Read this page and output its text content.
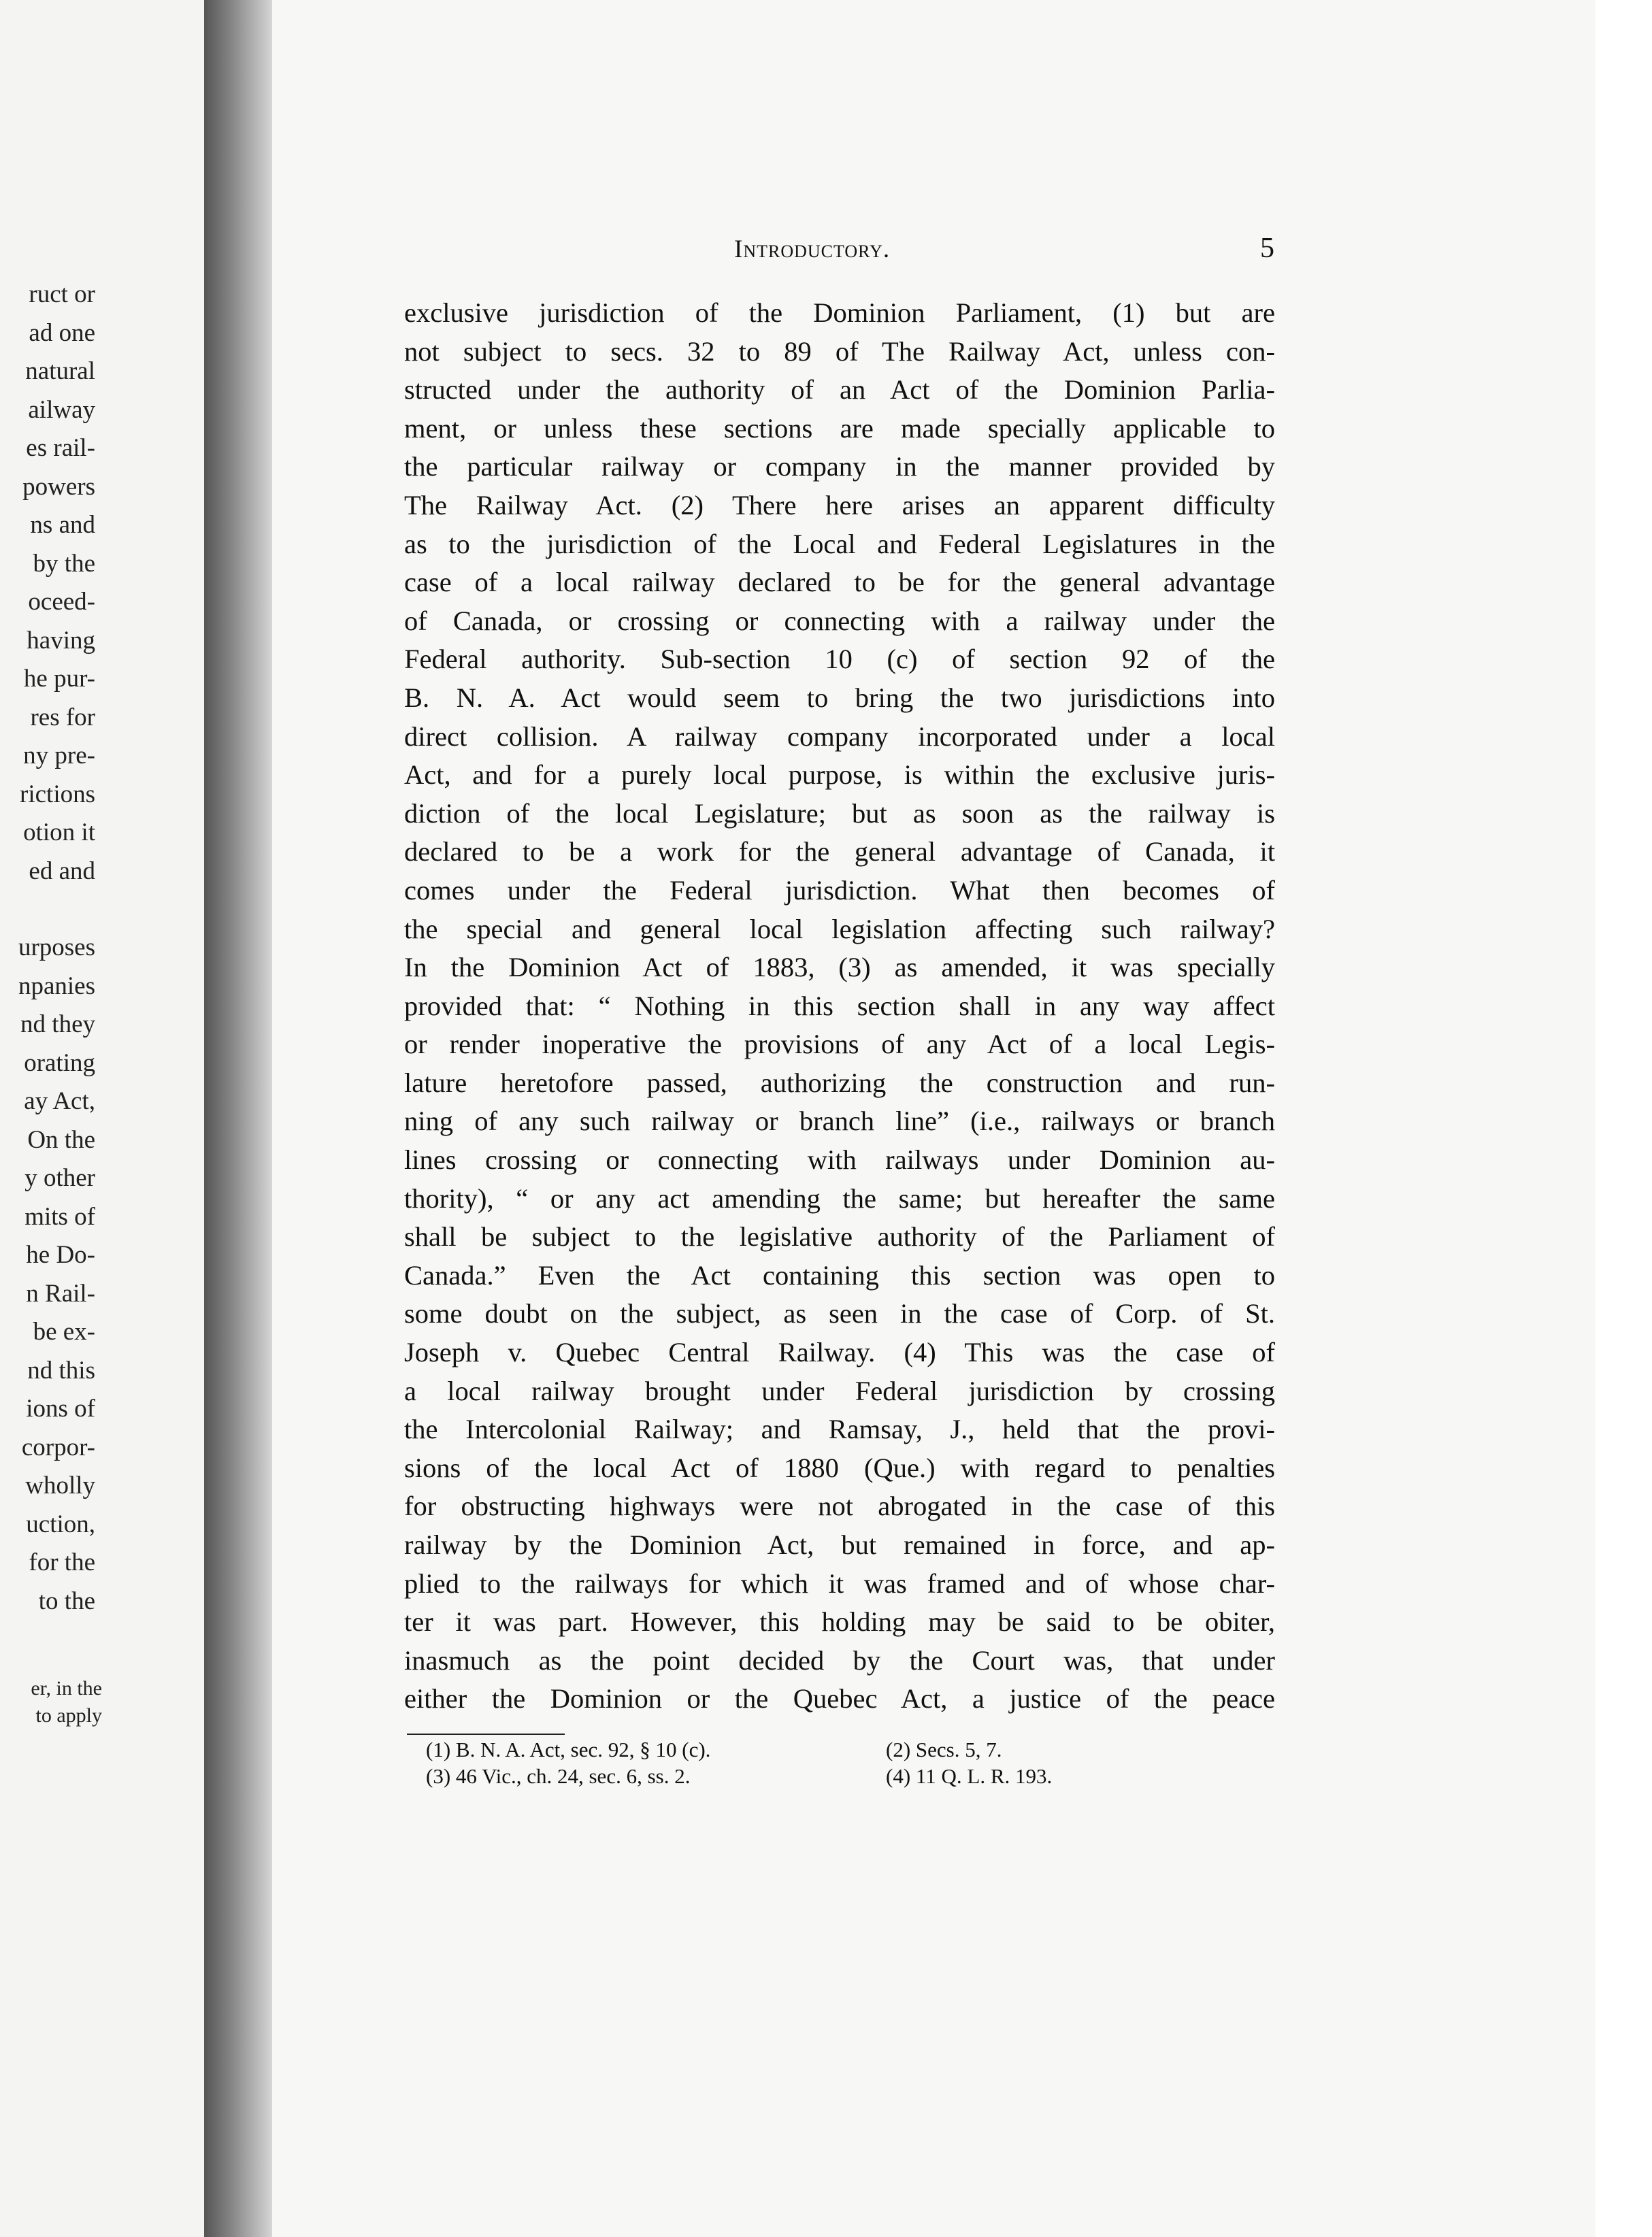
ruct or
ad one
natural
ailway
es rail-
powers
ns and
by the
oceed-
having
he pur-
res for
ny pre-
rictions
otion it
ed and
urposes
npanies
nd they
orating
ay Act,
On the
y other
mits of
he Do-
n Rail-
be ex-
nd this
ions of
corpor-
wholly
uction,
for the
to the
er, in the
to apply
Introductory.	5
exclusive jurisdiction of the Dominion Parliament, (1) but are
not subject to secs. 32 to 89 of The Railway Act, unless con-
structed under the authority of an Act of the Dominion Parlia-
ment, or unless these sections are made specially applicable to
the particular railway or company in the manner provided by
The Railway Act. (2) There here arises an apparent difficulty
as to the jurisdiction of the Local and Federal Legislatures in the
case of a local railway declared to be for the general advantage
of Canada, or crossing or connecting with a railway under the
Federal authority. Sub-section 10 (c) of section 92 of the
B. N. A. Act would seem to bring the two jurisdictions into
direct collision. A railway company incorporated under a local
Act, and for a purely local purpose, is within the exclusive juris-
diction of the local Legislature; but as soon as the railway is
declared to be a work for the general advantage of Canada, it
comes under the Federal jurisdiction. What then becomes of
the special and general local legislation affecting such railway?
In the Dominion Act of 1883, (3) as amended, it was specially
provided that: “ Nothing in this section shall in any way affect
or render inoperative the provisions of any Act of a local Legis-
lature heretofore passed, authorizing the construction and run-
ning of any such railway or branch line” (i.e., railways or branch
lines crossing or connecting with railways under Dominion au-
thority), “ or any act amending the same; but hereafter the same
shall be subject to the legislative authority of the Parliament of
Canada.” Even the Act containing this section was open to
some doubt on the subject, as seen in the case of Corp. of St.
Joseph v. Quebec Central Railway. (4) This was the case of
a local railway brought under Federal jurisdiction by crossing
the Intercolonial Railway; and Ramsay, J., held that the provi-
sions of the local Act of 1880 (Que.) with regard to penalties
for obstructing highways were not abrogated in the case of this
railway by the Dominion Act, but remained in force, and ap-
plied to the railways for which it was framed and of whose char-
ter it was part. However, this holding may be said to be obiter,
inasmuch as the point decided by the Court was, that under
either the Dominion or the Quebec Act, a justice of the peace
(1) B. N. A. Act, sec. 92, § 10 (c).	(2) Secs. 5, 7.
(3) 46 Vic., ch. 24, sec. 6, ss. 2.	(4) 11 Q. L. R. 193.
